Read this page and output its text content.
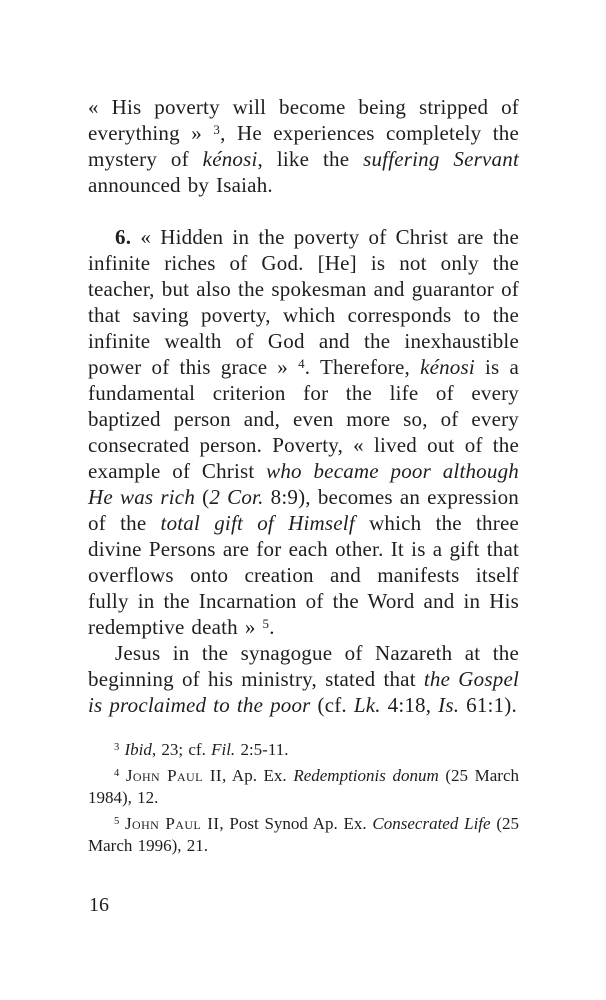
« His poverty will become being stripped of everything » $^3$, He experiences completely the mystery of kénosi, like the suffering Servant announced by Isaiah.

6. « Hidden in the poverty of Christ are the infinite riches of God. [He] is not only the teacher, but also the spokesman and guarantor of that saving poverty, which corresponds to the infinite wealth of God and the inexhaustible power of this grace » $^4$. Therefore, kénosi is a fundamental criterion for the life of every baptized person and, even more so, of every consecrated person. Poverty, « lived out of the example of Christ who became poor although He was rich (2 Cor. 8:9), becomes an expression of the total gift of Himself which the three divine Persons are for each other. It is a gift that overflows onto creation and manifests itself fully in the Incarnation of the Word and in His redemptive death » $^5$.

Jesus in the synagogue of Nazareth at the beginning of his ministry, stated that the Gospel is proclaimed to the poor (cf. Lk. 4:18, Is. 61:1).

$^3$ Ibid, 23; cf. Fil. 2:5-11.

$^4$ John Paul II, Ap. Ex. Redemptionis donum (25 March 1984), 12.

$^5$ John Paul II, Post Synod Ap. Ex. Consecrated Life (25 March 1996), 21.

16
